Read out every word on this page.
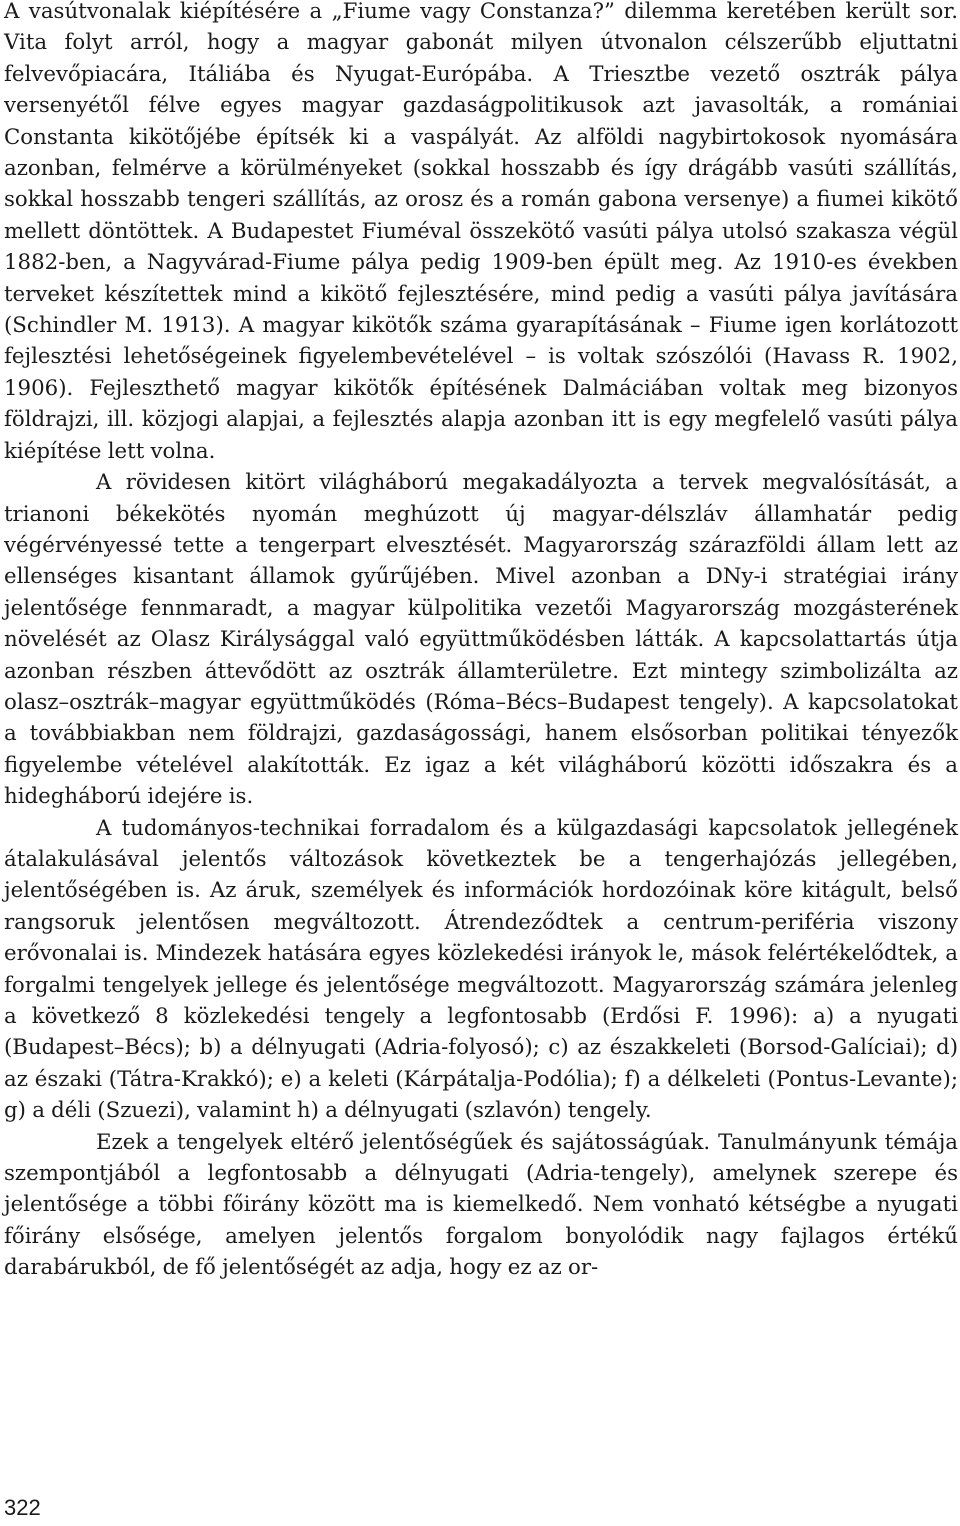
A vasútvonalak kiépítésére a „Fiume vagy Constanza?” dilemma keretében került sor. Vita folyt arról, hogy a magyar gabonát milyen útvonalon célszerűbb eljuttatni felvevőpiacára, Itáliába és Nyugat-Európába. A Triesztbe vezető osztrák pálya versenyétől félve egyes magyar gazdaságpolitikusok azt javasolták, a romániai Constanta kikötőjébe építsék ki a vaspályát. Az alföldi nagybirtokosok nyomására azonban, felmérve a körülményeket (sokkal hosszabb és így drágább vasúti szállítás, sokkal hosszabb tengeri szállítás, az orosz és a román gabona versenye) a fiumei kikötő mellett döntöttek. A Budapestet Fiuméval összekötő vasúti pálya utolsó szakasza végül 1882-ben, a Nagyvárad-Fiume pálya pedig 1909-ben épült meg. Az 1910-es években terveket készítettek mind a kikötő fejlesztésére, mind pedig a vasúti pálya javítására (Schindler M. 1913). A magyar kikötők száma gyarapításának – Fiume igen korlátozott fejlesztési lehetőségeinek figyelembevételével – is voltak szószólói (Havass R. 1902, 1906). Fejleszthető magyar kikötők építésének Dalmáciában voltak meg bizonyos földrajzi, ill. közjogi alapjai, a fejlesztés alapja azonban itt is egy megfelelő vasúti pálya kiépítése lett volna.

A rövidesen kitört világháború megakadályozta a tervek megvalósítását, a trianoni békekötés nyomán meghúzott új magyar-délszláv államhatár pedig végérvényessé tette a tengerpart elvesztését. Magyarország szárazföldi állam lett az ellenséges kisantant államok gyűrűjében. Mivel azonban a DNy-i stratégiai irány jelentősége fennmaradt, a magyar külpolitika vezetői Magyarország mozgásterének növelését az Olasz Királysággal való együttműködésben látták. A kapcsolattartás útja azonban részben áttevődött az osztrák államterületre. Ezt mintegy szimbolizálta az olasz–osztrák–magyar együttműködés (Róma–Bécs–Budapest tengely). A kapcsolatokat a továbbiakban nem földrajzi, gazdaságossági, hanem elsősorban politikai tényezők figyelembe vételével alakították. Ez igaz a két világháború közötti időszakra és a hidegháború idejére is.

A tudományos-technikai forradalom és a külgazdasági kapcsolatok jellegének átalakulásával jelentős változások következtek be a tengerhajózás jellegében, jelentőségében is. Az áruk, személyek és információk hordozóinak köre kitágult, belső rangsoruk jelentősen megváltozott. Átrendeződtek a centrum-periféria viszony erővonalai is. Mindezek hatására egyes közlekedési irányok le, mások felértékelődtek, a forgalmi tengelyek jellege és jelentősége megváltozott. Magyarország számára jelenleg a következő 8 közlekedési tengely a legfontosabb (Erdősi F. 1996): a) a nyugati (Budapest–Bécs); b) a délnyugati (Adria-folyosó); c) az északkeleti (Borsod-Galíciai); d) az északi (Tátra-Krakkó); e) a keleti (Kárpátalja-Podólia); f) a délkeleti (Pontus-Levante); g) a déli (Szuezi), valamint h) a délnyugati (szlavón) tengely.

Ezek a tengelyek eltérő jelentőségűek és sajátosságúak. Tanulmányunk témája szempontjából a legfontosabb a délnyugati (Adria-tengely), amelynek szerepe és jelentősége a többi főirány között ma is kiemelkedő. Nem vonható kétségbe a nyugati főirány elsősége, amelyen jelentős forgalom bonyolódik nagy fajlagos értékű darabárukból, de fő jelentőségét az adja, hogy ez az or-

322
